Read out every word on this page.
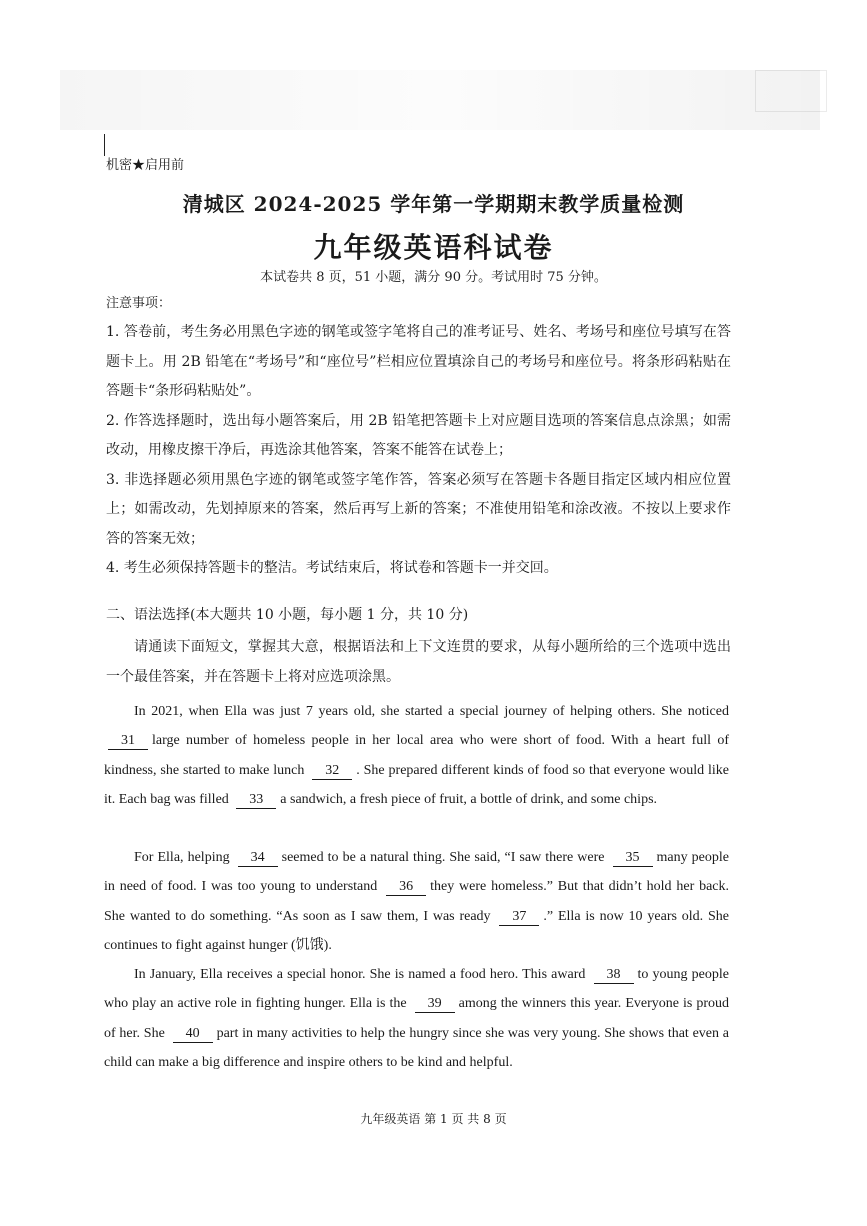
机密★启用前
清城区 2024-2025 学年第一学期期末教学质量检测
九年级英语科试卷
本试卷共 8 页，51 小题，满分 90 分。考试用时 75 分钟。
注意事项：
1. 答卷前，考生务必用黑色字迹的钢笔或签字笔将自己的准考证号、姓名、考场号和座位号填写在答题卡上。用 2B 铅笔在“考场号”和“座位号”栏相应位置填涂自己的考场号和座位号。将条形码粘贴在答题卡“条形码粘贴处”。
2. 作答选择题时，选出每小题答案后，用 2B 铅笔把答题卡上对应题目选项的答案信息点涂黑；如需改动，用橡皮擦干净后，再选涂其他答案，答案不能答在试卷上；
3. 非选择题必须用黑色字迹的钢笔或签字笔作答，答案必须写在答题卡各题目指定区域内相应位置上；如需改动，先划掉原来的答案，然后再写上新的答案；不准使用铅笔和涂改液。不按以上要求作答的答案无效；
4. 考生必须保持答题卡的整洁。考试结束后，将试卷和答题卡一并交回。
二、语法选择(本大题共 10 小题，每小题 1 分，共 10 分)
请通读下面短文，掌握其大意，根据语法和上下文连贯的要求，从每小题所给的三个选项中选出一个最佳答案，并在答题卡上将对应选项涂黑。
In 2021, when Ella was just 7 years old, she started a special journey of helping others. She noticed 31 large number of homeless people in her local area who were short of food. With a heart full of kindness, she started to make lunch 32 . She prepared different kinds of food so that everyone would like it. Each bag was filled 33 a sandwich, a fresh piece of fruit, a bottle of drink, and some chips.
For Ella, helping 34 seemed to be a natural thing. She said, “I saw there were 35 many people in need of food. I was too young to understand 36 they were homeless.” But that didn’t hold her back. She wanted to do something. “As soon as I saw them, I was ready 37 .” Ella is now 10 years old. She continues to fight against hunger (饥饿).
In January, Ella receives a special honor. She is named a food hero. This award 38 to young people who play an active role in fighting hunger. Ella is the 39 among the winners this year. Everyone is proud of her. She 40 part in many activities to help the hungry since she was very young. She shows that even a child can make a big difference and inspire others to be kind and helpful.
九年级英语 第 1 页 共 8 页
